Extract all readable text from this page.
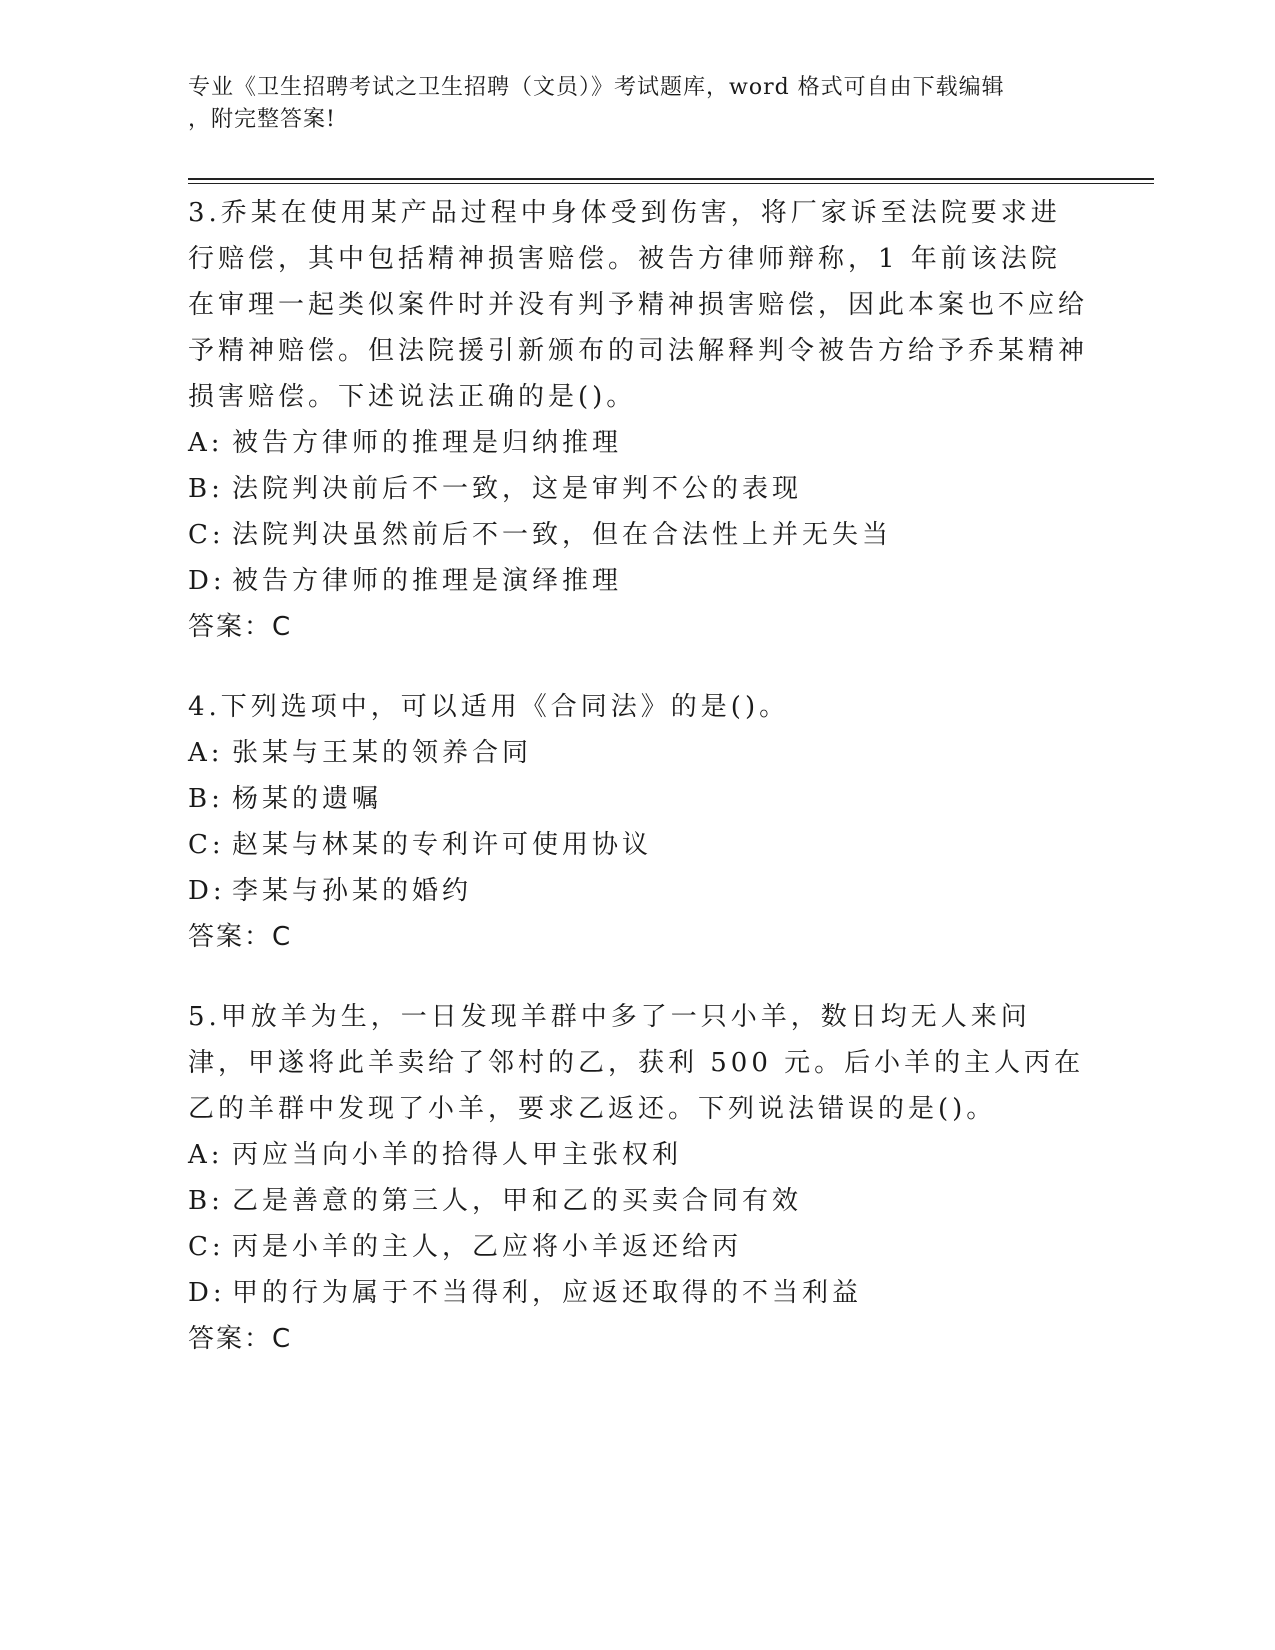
专业《卫生招聘考试之卫生招聘（文员）》考试题库，word 格式可自由下载编辑
，附完整答案!

3.乔某在使用某产品过程中身体受到伤害，将厂家诉至法院要求进行赔偿，其中包括精神损害赔偿。被告方律师辩称，1 年前该法院在审理一起类似案件时并没有判予精神损害赔偿，因此本案也不应给予精神赔偿。但法院援引新颁布的司法解释判令被告方给予乔某精神损害赔偿。下述说法正确的是()。

A: 被告方律师的推理是归纳推理
B: 法院判决前后不一致，这是审判不公的表现
C: 法院判决虽然前后不一致，但在合法性上并无失当
D: 被告方律师的推理是演绎推理
答案：C

4.下列选项中，可以适用《合同法》的是()。

A: 张某与王某的领养合同
B: 杨某的遗嘱
C: 赵某与林某的专利许可使用协议
D: 李某与孙某的婚约
答案：C

5.甲放羊为生，一日发现羊群中多了一只小羊，数日均无人来问津，甲遂将此羊卖给了邻村的乙，获利 500 元。后小羊的主人丙在乙的羊群中发现了小羊，要求乙返还。下列说法错误的是()。

A: 丙应当向小羊的拾得人甲主张权利
B: 乙是善意的第三人，甲和乙的买卖合同有效
C: 丙是小羊的主人，乙应将小羊返还给丙
D: 甲的行为属于不当得利，应返还取得的不当利益
答案：C
